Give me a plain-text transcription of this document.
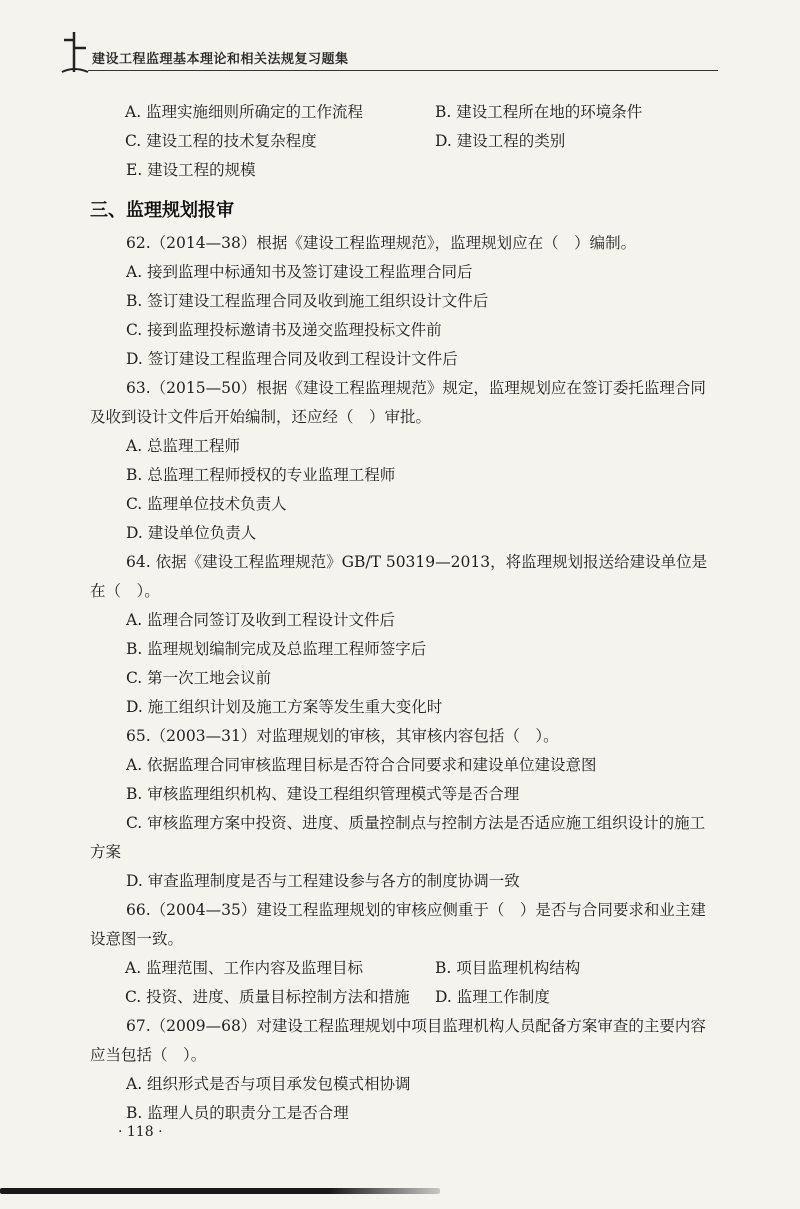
建设工程监理基本理论和相关法规复习题集
A. 监理实施细则所确定的工作流程	B. 建设工程所在地的环境条件
C. 建设工程的技术复杂程度	D. 建设工程的类别
E. 建设工程的规模
三、监理规划报审
62.（2014—38）根据《建设工程监理规范》，监理规划应在（　）编制。
A. 接到监理中标通知书及签订建设工程监理合同后
B. 签订建设工程监理合同及收到施工组织设计文件后
C. 接到监理投标邀请书及递交监理投标文件前
D. 签订建设工程监理合同及收到工程设计文件后
63.（2015—50）根据《建设工程监理规范》规定，监理规划应在签订委托监理合同及收到设计文件后开始编制，还应经（　）审批。
A. 总监理工程师
B. 总监理工程师授权的专业监理工程师
C. 监理单位技术负责人
D. 建设单位负责人
64. 依据《建设工程监理规范》GB/T 50319—2013，将监理规划报送给建设单位是在（　）。
A. 监理合同签订及收到工程设计文件后
B. 监理规划编制完成及总监理工程师签字后
C. 第一次工地会议前
D. 施工组织计划及施工方案等发生重大变化时
65.（2003—31）对监理规划的审核，其审核内容包括（　）。
A. 依据监理合同审核监理目标是否符合合同要求和建设单位建设意图
B. 审核监理组织机构、建设工程组织管理模式等是否合理
C. 审核监理方案中投资、进度、质量控制点与控制方法是否适应施工组织设计的施工方案
D. 审查监理制度是否与工程建设参与各方的制度协调一致
66.（2004—35）建设工程监理规划的审核应侧重于（　）是否与合同要求和业主建设意图一致。
A. 监理范围、工作内容及监理目标	B. 项目监理机构结构
C. 投资、进度、质量目标控制方法和措施	D. 监理工作制度
67.（2009—68）对建设工程监理规划中项目监理机构人员配备方案审查的主要内容应当包括（　）。
A. 组织形式是否与项目承发包模式相协调
B. 监理人员的职责分工是否合理
· 118 ·
